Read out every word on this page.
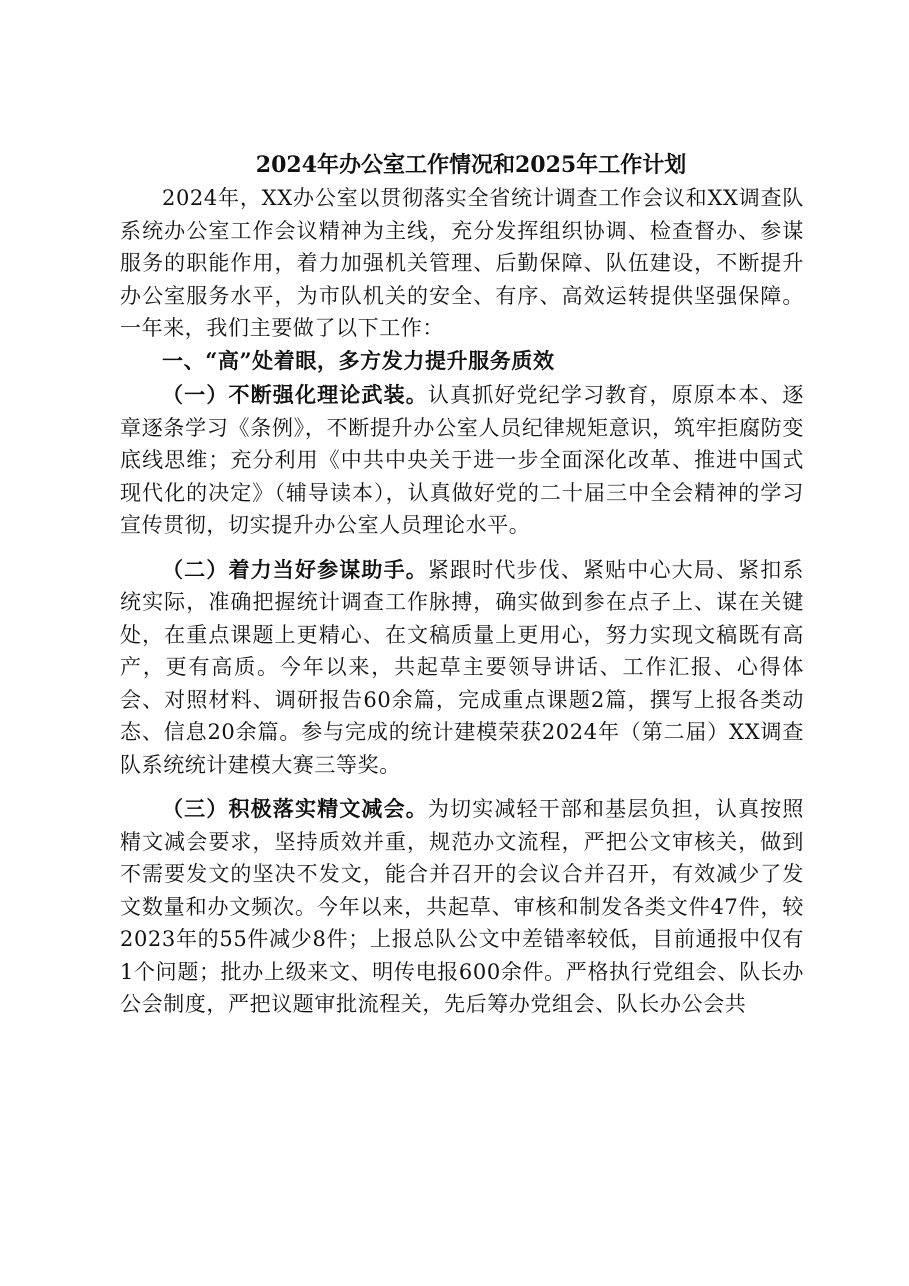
2024年办公室工作情况和2025年工作计划

2024年，XX办公室以贯彻落实全省统计调查工作会议和XX调查队系统办公室工作会议精神为主线，充分发挥组织协调、检查督办、参谋服务的职能作用，着力加强机关管理、后勤保障、队伍建设，不断提升办公室服务水平，为市队机关的安全、有序、高效运转提供坚强保障。一年来，我们主要做了以下工作：

一、“高”处着眼，多方发力提升服务质效

（一）不断强化理论武装。认真抓好党纪学习教育，原原本本、逐章逐条学习《条例》，不断提升办公室人员纪律规矩意识，筑牢拒腐防变底线思维；充分利用《中共中央关于进一步全面深化改革、推进中国式现代化的决定》（辅导读本），认真做好党的二十届三中全会精神的学习宣传贯彻，切实提升办公室人员理论水平。

（二）着力当好参谋助手。紧跟时代步伐、紧贴中心大局、紧扣系统实际，准确把握统计调查工作脉搏，确实做到参在点子上、谋在关键处，在重点课题上更精心、在文稿质量上更用心，努力实现文稿既有高产，更有高质。今年以来，共起草主要领导讲话、工作汇报、心得体会、对照材料、调研报告60余篇，完成重点课题2篇，撰写上报各类动态、信息20余篇。参与完成的统计建模荣获2024年（第二届）XX调查队系统统计建模大赛三等奖。

（三）积极落实精文减会。为切实减轻干部和基层负担，认真按照精文减会要求，坚持质效并重，规范办文流程，严把公文审核关，做到不需要发文的坚决不发文，能合并召开的会议合并召开，有效减少了发文数量和办文频次。今年以来，共起草、审核和制发各类文件47件，较2023年的55件减少8件；上报总队公文中差错率较低，目前通报中仅有1个问题；批办上级来文、明传电报600余件。严格执行党组会、队长办公会制度，严把议题审批流程关，先后筹办党组会、队长办公会共
